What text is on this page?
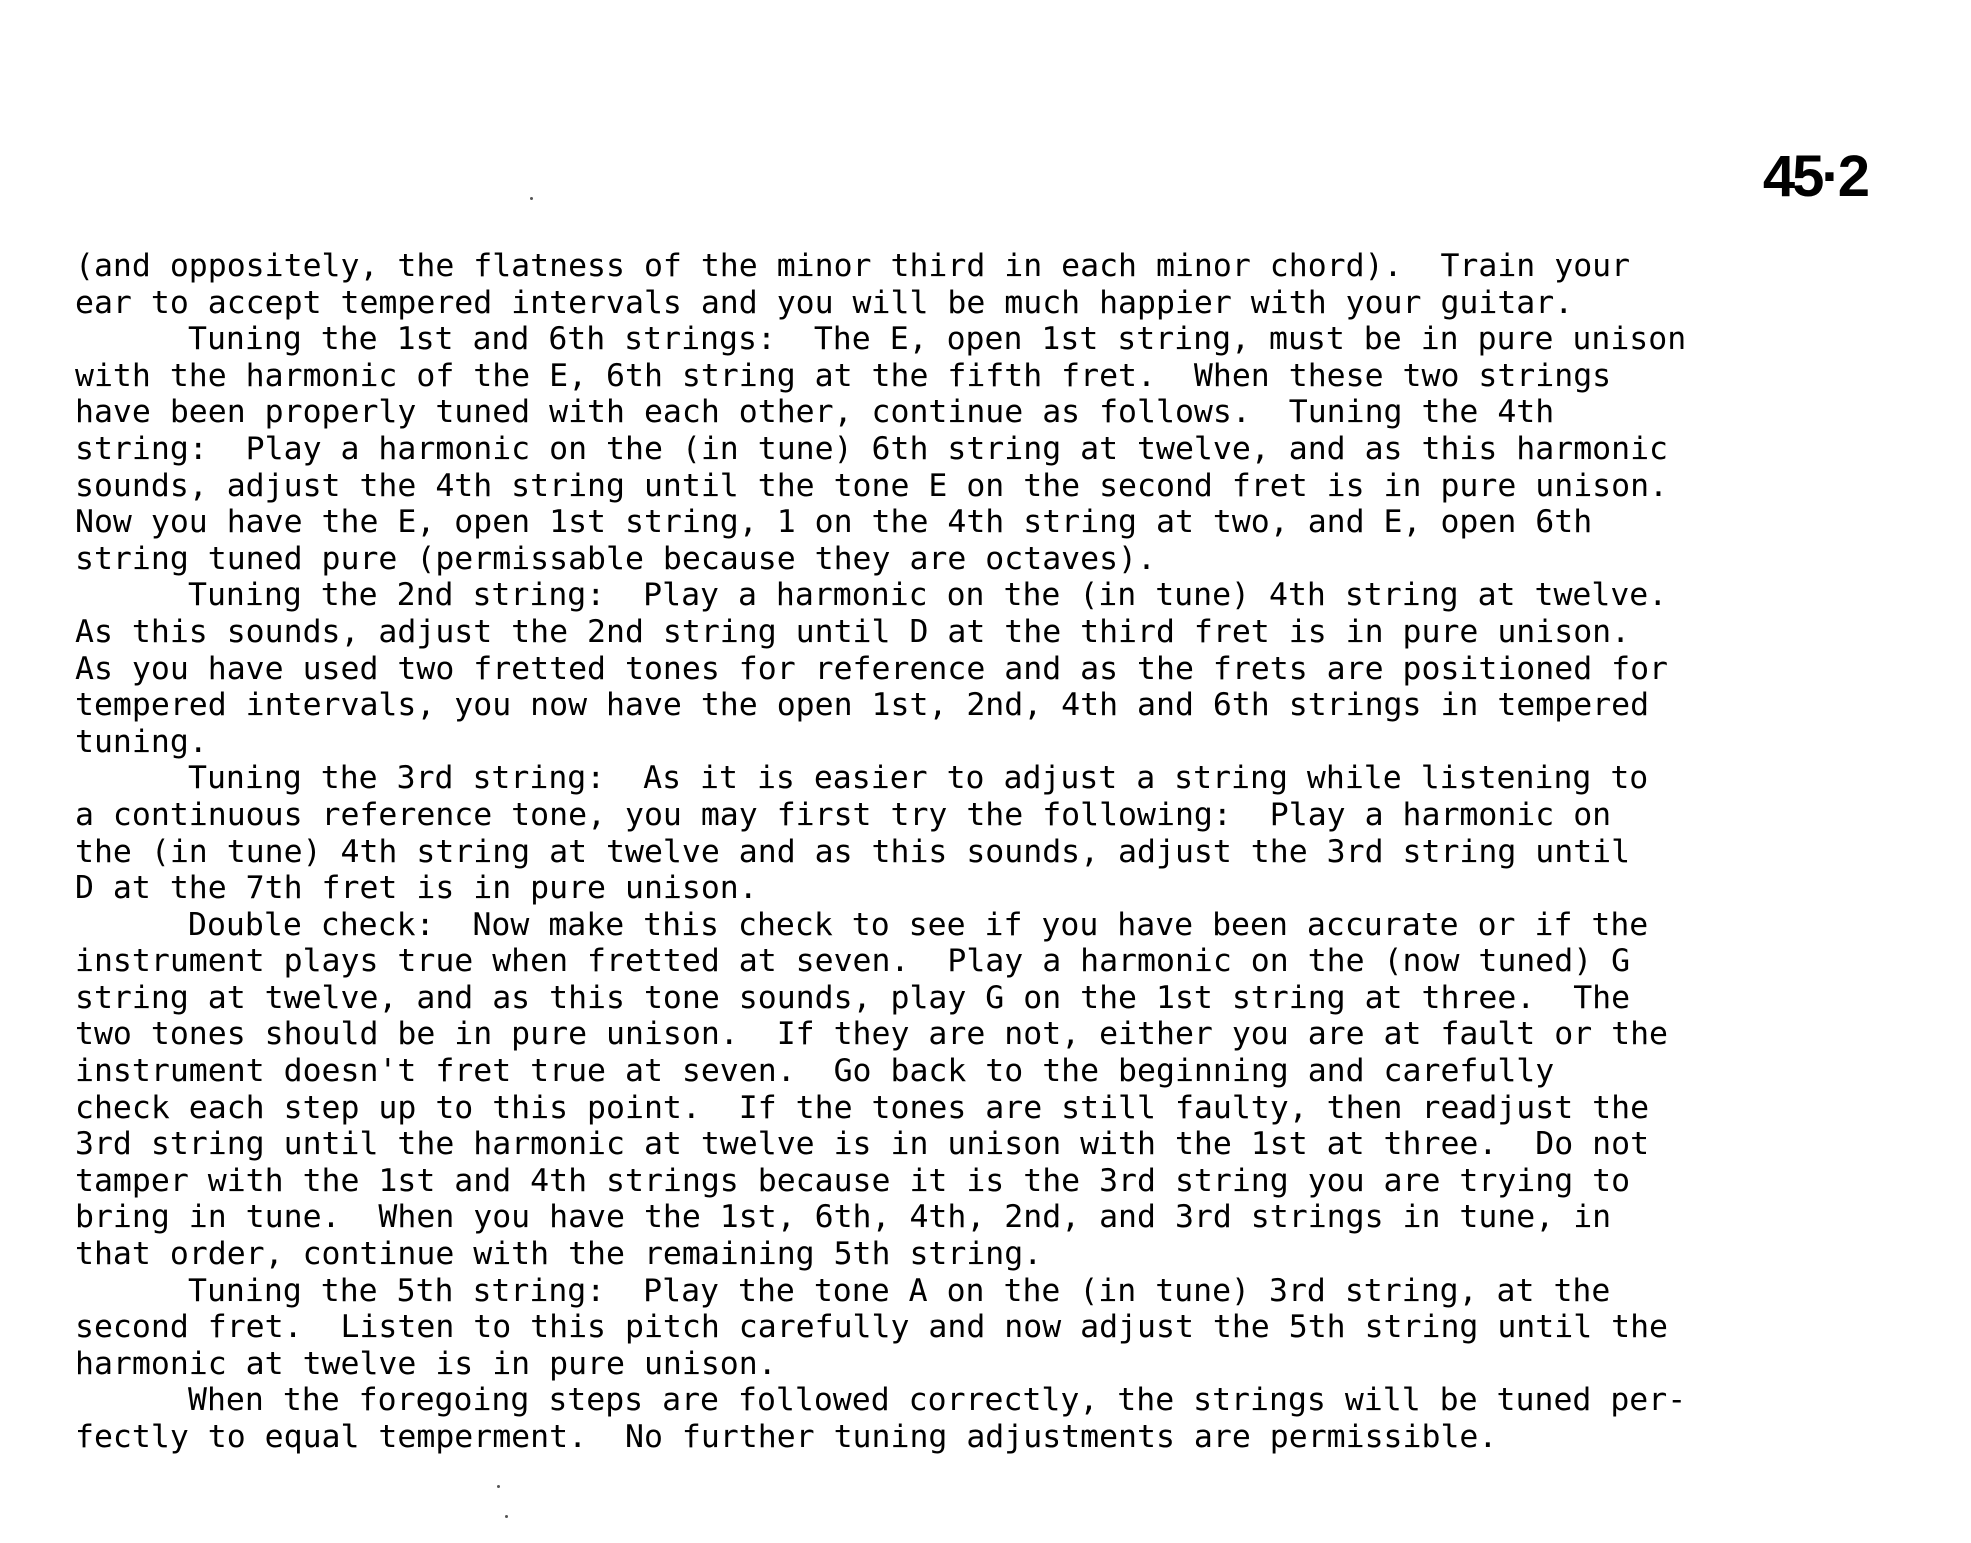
45·2
(and oppositely, the flatness of the minor third in each minor chord).  Train your
ear to accept tempered intervals and you will be much happier with your guitar.
Tuning the 1st and 6th strings:  The E, open 1st string, must be in pure unison
with the harmonic of the E, 6th string at the fifth fret.  When these two strings
have been properly tuned with each other, continue as follows.  Tuning the 4th
string:  Play a harmonic on the (in tune) 6th string at twelve, and as this harmonic
sounds, adjust the 4th string until the tone E on the second fret is in pure unison.
Now you have the E, open 1st string, 1 on the 4th string at two, and E, open 6th
string tuned pure (permissable because they are octaves).
Tuning the 2nd string:  Play a harmonic on the (in tune) 4th string at twelve.
As this sounds, adjust the 2nd string until D at the third fret is in pure unison.
As you have used two fretted tones for reference and as the frets are positioned for
tempered intervals, you now have the open 1st, 2nd, 4th and 6th strings in tempered
tuning.
Tuning the 3rd string:  As it is easier to adjust a string while listening to
a continuous reference tone, you may first try the following:  Play a harmonic on
the (in tune) 4th string at twelve and as this sounds, adjust the 3rd string until
D at the 7th fret is in pure unison.
Double check:  Now make this check to see if you have been accurate or if the
instrument plays true when fretted at seven.  Play a harmonic on the (now tuned) G
string at twelve, and as this tone sounds, play G on the 1st string at three.  The
two tones should be in pure unison.  If they are not, either you are at fault or the
instrument doesn't fret true at seven.  Go back to the beginning and carefully
check each step up to this point.  If the tones are still faulty, then readjust the
3rd string until the harmonic at twelve is in unison with the 1st at three.  Do not
tamper with the 1st and 4th strings because it is the 3rd string you are trying to
bring in tune.  When you have the 1st, 6th, 4th, 2nd, and 3rd strings in tune, in
that order, continue with the remaining 5th string.
Tuning the 5th string:  Play the tone A on the (in tune) 3rd string, at the
second fret.  Listen to this pitch carefully and now adjust the 5th string until the
harmonic at twelve is in pure unison.
When the foregoing steps are followed correctly, the strings will be tuned per-
fectly to equal temperment.  No further tuning adjustments are permissible.
